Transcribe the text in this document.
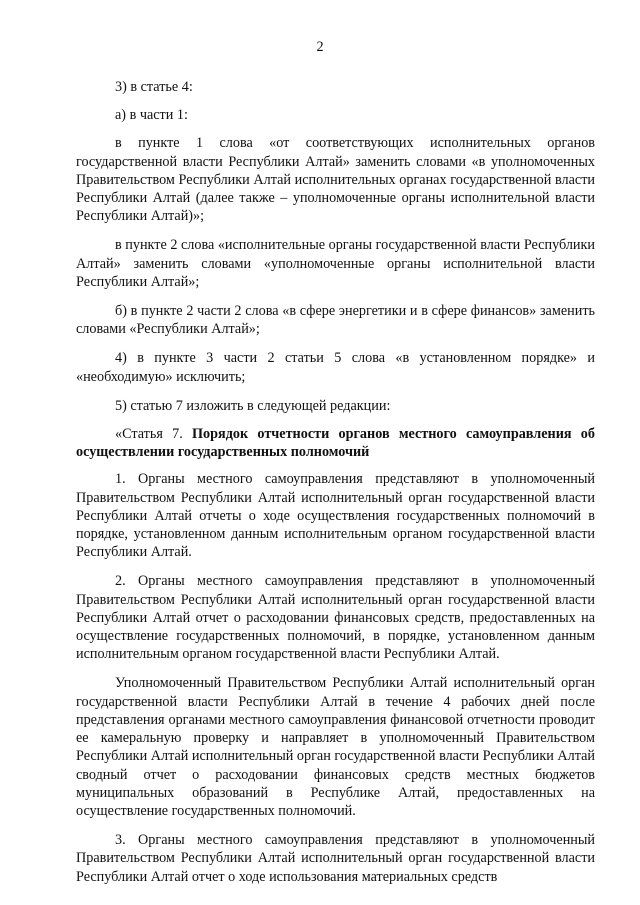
2

3) в статье 4:

а) в части 1:

в пункте 1 слова «от соответствующих исполнительных органов государственной власти Республики Алтай» заменить словами «в уполномоченных Правительством Республики Алтай исполнительных органах государственной власти Республики Алтай (далее также – уполномоченные органы исполнительной власти Республики Алтай)»;

в пункте 2 слова «исполнительные органы государственной власти Республики Алтай» заменить словами «уполномоченные органы исполнительной власти Республики Алтай»;

б) в пункте 2 части 2 слова «в сфере энергетики и в сфере финансов» заменить словами «Республики Алтай»;

4) в пункте 3 части 2 статьи 5 слова «в установленном порядке» и «необходимую» исключить;

5) статью 7 изложить в следующей редакции:

«Статья 7. Порядок отчетности органов местного самоуправления об осуществлении государственных полномочий

1. Органы местного самоуправления представляют в уполномоченный Правительством Республики Алтай исполнительный орган государственной власти Республики Алтай отчеты о ходе осуществления государственных полномочий в порядке, установленном данным исполнительным органом государственной власти Республики Алтай.

2. Органы местного самоуправления представляют в уполномоченный Правительством Республики Алтай исполнительный орган государственной власти Республики Алтай отчет о расходовании финансовых средств, предоставленных на осуществление государственных полномочий, в порядке, установленном данным исполнительным органом государственной власти Республики Алтай.

Уполномоченный Правительством Республики Алтай исполнительный орган государственной власти Республики Алтай в течение 4 рабочих дней после представления органами местного самоуправления финансовой отчетности проводит ее камеральную проверку и направляет в уполномоченный Правительством Республики Алтай исполнительный орган государственной власти Республики Алтай сводный отчет о расходовании финансовых средств местных бюджетов муниципальных образований в Республике Алтай, предоставленных на осуществление государственных полномочий.

3. Органы местного самоуправления представляют в уполномоченный Правительством Республики Алтай исполнительный орган государственной власти Республики Алтай отчет о ходе использования материальных средств
